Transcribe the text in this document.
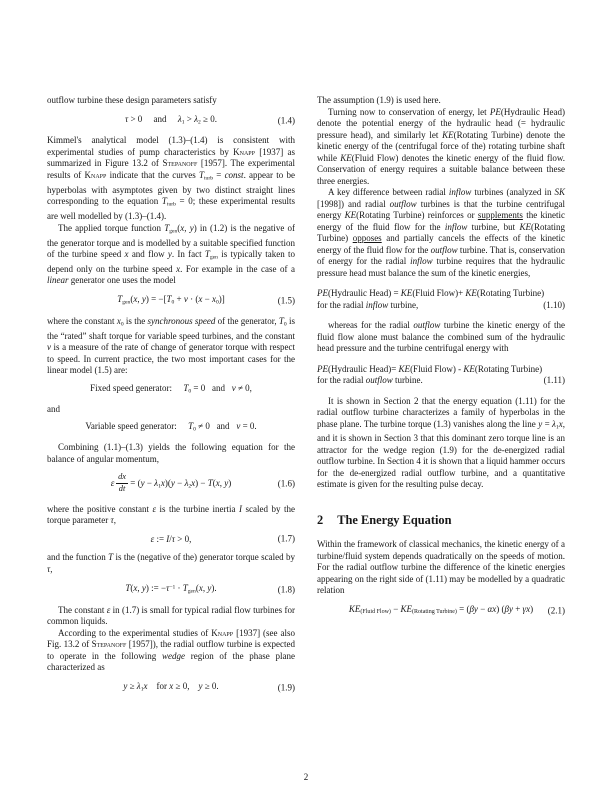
outflow turbine these design parameters satisfy

τ > 0  and  $\lambda_1 > \lambda_2 \ge 0$.	(1.4)

Kimmel's analytical model (1.3)–(1.4) is consistent with experimental studies of pump characteristics by Knapp [1937] as summarized in Figure 13.2 of Stepanoff [1957]. The experimental results of Knapp indicate that the curves $T_{turb}$ = const. appear to be hyperbolas with asymptotes given by two distinct straight lines corresponding to the equation $T_{turb} = 0$; these experimental results are well modelled by (1.3)–(1.4).

The applied torque function $T_{gen}(x$, y) in (1.2) is the negative of the generator torque and is modelled by a suitable specified function of the turbine speed x and flow y. In fact $T_{gen}$ is typically taken to depend only on the turbine speed x. For example in the case of a linear generator one uses the model

$T_{gen}(x$, $y) = -[T_0 + \nu \cdot (x - x_0)]$	(1.5)

where the constant $x_0$ is the synchronous speed of the generator, $T_0$ is the “rated” shaft torque for variable speed turbines, and the constant ν is a measure of the rate of change of generator torque with respect to speed. In current practice, the two most important cases for the linear model (1.5) are:

Fixed speed generator:  $T_0 = 0$  and  ν ≠ 0,
and
Variable speed generator:  $T_0 \ne 0$  and  ν = 0.

Combining (1.1)–(1.3) yields the following equation for the balance of angular momentum,

ε  $\frac{dx}{dt} = (y - \lambda_1x)(y - \lambda_2x) - T(x$, y)	(1.6)

where the positive constant ε is the turbine inertia I scaled by the torque parameter τ,

ε := I/τ > 0,	(1.7)

and the function T is the (negative of the) generator torque scaled by τ,

T(x, y) := $-\tau^{-1} \cdot T_{gen}(x$, y).	(1.8)

The constant ε in (1.7) is small for typical radial flow turbines for common liquids.

According to the experimental studies of Knapp [1937] (see also Fig. 13.2 of Stepanoff [1957]), the radial outflow turbine is expected to operate in the following wedge region of the phase plane characterized as

$y \ge \lambda_1x$ for x ≥ 0, y ≥ 0.	(1.9)

The assumption (1.9) is used here.

Turning now to conservation of energy, let PE(Hydraulic Head) denote the potential energy of the hydraulic head (= hydraulic pressure head), and similarly let KE(Rotating Turbine) denote the kinetic energy of the (centrifugal force of the) rotating turbine shaft while KE(Fluid Flow) denotes the kinetic energy of the fluid flow. Conservation of energy requires a suitable balance between these three energies.

A key difference between radial inflow turbines (analyzed in SK [1998]) and radial outflow turbines is that the turbine centrifugal energy KE(Rotating Turbine) reinforces or supplements the kinetic energy of the fluid flow for the inflow turbine, but KE(Rotating Turbine) opposes and partially cancels the effects of the kinetic energy of the fluid flow for the outflow turbine. That is, conservation of energy for the radial inflow turbine requires that the hydraulic pressure head must balance the sum of the kinetic energies,

PE(Hydraulic Head) = KE(Fluid Flow)+ KE(Rotating Turbine)
for the radial inflow turbine,	(1.10)

whereas for the radial outflow turbine the kinetic energy of the fluid flow alone must balance the combined sum of the hydraulic head pressure and the turbine centrifugal energy with

PE(Hydraulic Head)= KE(Fluid Flow) - KE(Rotating Turbine)
for the radial outflow turbine.	(1.11)

It is shown in Section 2 that the energy equation (1.11) for the radial outflow turbine characterizes a family of hyperbolas in the phase plane. The turbine torque (1.3) vanishes along the line $y = \lambda_1x$, and it is shown in Section 3 that this dominant zero torque line is an attractor for the wedge region (1.9) for the de-energized radial outflow turbine. In Section 4 it is shown that a liquid hammer occurs for the de-energized radial outflow turbine, and a quantitative estimate is given for the resulting pulse decay.

2 The Energy Equation

Within the framework of classical mechanics, the kinetic energy of a turbine/fluid system depends quadratically on the speeds of motion. For the radial outflow turbine the difference of the kinetic energies appearing on the right side of (1.11) may be modelled by a quadratic relation

KE(Fluid Flow) − KE(Rotating Turbine) = (βy − αx) (βy + γx) (2.1)
2
